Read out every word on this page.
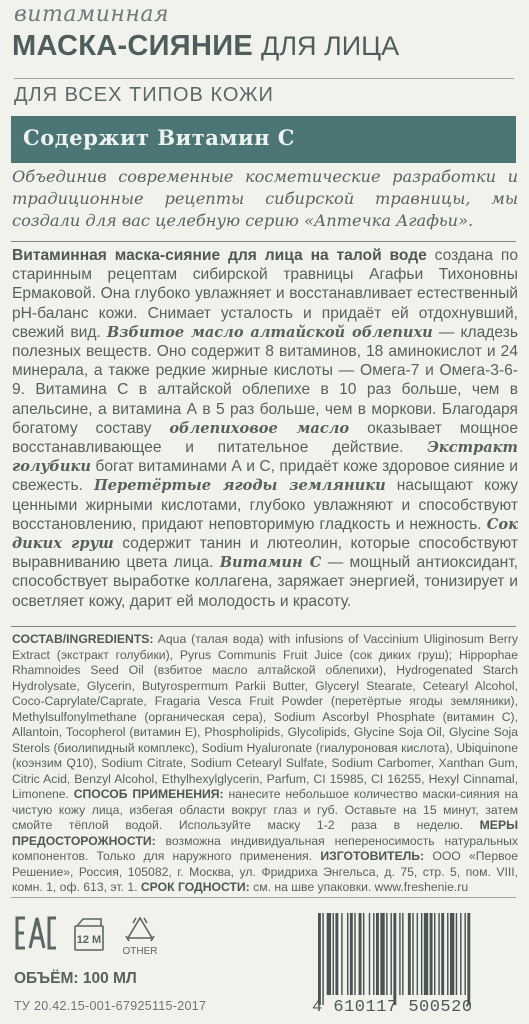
витаминная
МАСКА-СИЯНИЕ ДЛЯ ЛИЦА
ДЛЯ ВСЕХ ТИПОВ КОЖИ
Содержит Витамин С
Объединив современные косметические разработки и традиционные рецепты сибирской травницы, мы создали для вас целебную серию «Аптечка Агафьи».
Витаминная маска-сияние для лица на талой воде создана по старинным рецептам сибирской травницы Агафьи Тихоновны Ермаковой. Она глубоко увлажняет и восстанавливает естественный pH-баланс кожи. Снимает усталость и придаёт ей отдохнувший, свежий вид. Взбитое масло алтайской облепихи — кладезь полезных веществ. Оно содержит 8 витаминов, 18 аминокислот и 24 минерала, а также редкие жирные кислоты — Омега-7 и Омега-3-6-9. Витамина С в алтайской облепихе в 10 раз больше, чем в апельсине, а витамина А в 5 раз больше, чем в моркови. Благодаря богатому составу облепиховое масло оказывает мощное восстанавливающее и питательное действие. Экстракт голубики богат витаминами А и С, придаёт коже здоровое сияние и свежесть. Перетёртые ягоды земляники насыщают кожу ценными жирными кислотами, глубоко увлажняют и способствуют восстановлению, придают неповторимую гладкость и нежность. Сок диких груш содержит танин и лютеолин, которые способствуют выравниванию цвета лица. Витамин С — мощный антиоксидант, способствует выработке коллагена, заряжает энергией, тонизирует и осветляет кожу, дарит ей молодость и красоту.
СОСТАВ/INGREDIENTS: Aqua (талая вода) with infusions of Vaccinium Uliginosum Berry Extract (экстракт голубики), Pyrus Communis Fruit Juice (сок диких груш); Hippophae Rhamnoides Seed Oil (взбитое масло алтайской облепихи), Hydrogenated Starch Hydrolysate, Glycerin, Butyrospermum Parkii Butter, Glyceryl Stearate, Cetearyl Alcohol, Coco-Caprylate/Caprate, Fragaria Vesca Fruit Powder (перетёртые ягоды земляники), Methylsulfonylmethane (органическая сера), Sodium Ascorbyl Phosphate (витамин С), Allantoin, Tocopherol (витамин Е), Phospholipids, Glycolipids, Glycine Soja Oil, Glycine Soja Sterols (биолипидный комплекс), Sodium Hyaluronate (гиалуроновая кислота), Ubiquinone (коэнзим Q10), Sodium Citrate, Sodium Cetearyl Sulfate, Sodium Carbomer, Xanthan Gum, Citric Acid, Benzyl Alcohol, Ethylhexylglycerin, Parfum, CI 15985, CI 16255, Hexyl Cinnamal, Limonene. СПОСОБ ПРИМЕНЕНИЯ: нанесите небольшое количество маски-сияния на чистую кожу лица, избегая области вокруг глаз и губ. Оставьте на 15 минут, затем смойте тёплой водой. Используйте маску 1-2 раза в неделю. МЕРЫ ПРЕДОСТОРОЖНОСТИ: возможна индивидуальная непереносимость натуральных компонентов. Только для наружного применения. ИЗГОТОВИТЕЛЬ: ООО «Первое Решение», Россия, 105082, г. Москва, ул. Фридриха Энгельса, д. 75, стр. 5, пом. VIII, комн. 1, оф. 613, эт. 1. СРОК ГОДНОСТИ: см. на шве упаковки. www.freshenie.ru
12 M
OTHER
ОБЪЁМ: 100 МЛ
ТУ 20.42.15-001-67925115-2017	4 610117 500520
